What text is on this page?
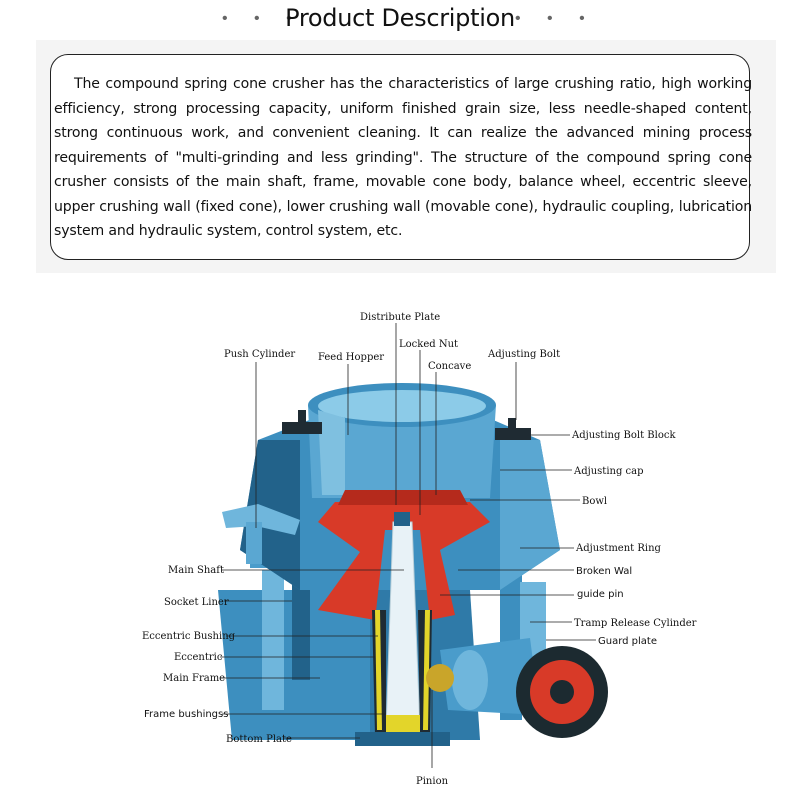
• • •
Product Description • • •
The compound spring cone crusher has the characteristics of large crushing ratio, high working efficiency, strong processing capacity, uniform finished grain size, less needle-shaped content, strong continuous work, and convenient cleaning. It can realize the advanced mining process requirements of "multi-grinding and less grinding". The structure of the compound spring cone crusher consists of the main shaft, frame, movable cone body, balance wheel, eccentric sleeve, upper crushing wall (fixed cone), lower crushing wall (movable cone), hydraulic coupling, lubrication system and hydraulic system, control system, etc.
Distribute Plate
Push Cylinder Feed Hopper
Locked Nut
Concave
Adjusting Bolt
Adjusting Bolt Block
Adjusting cap
Bowl
Adjustment Ring
Main Shaft	Broken Wal
Socket Liner
guide pin
Tramp Release Cylinder
Eccentric Bushing	Guard plate
Eccentric
Main Frame
Frame bushingss
Bottom Plate
Pinion
